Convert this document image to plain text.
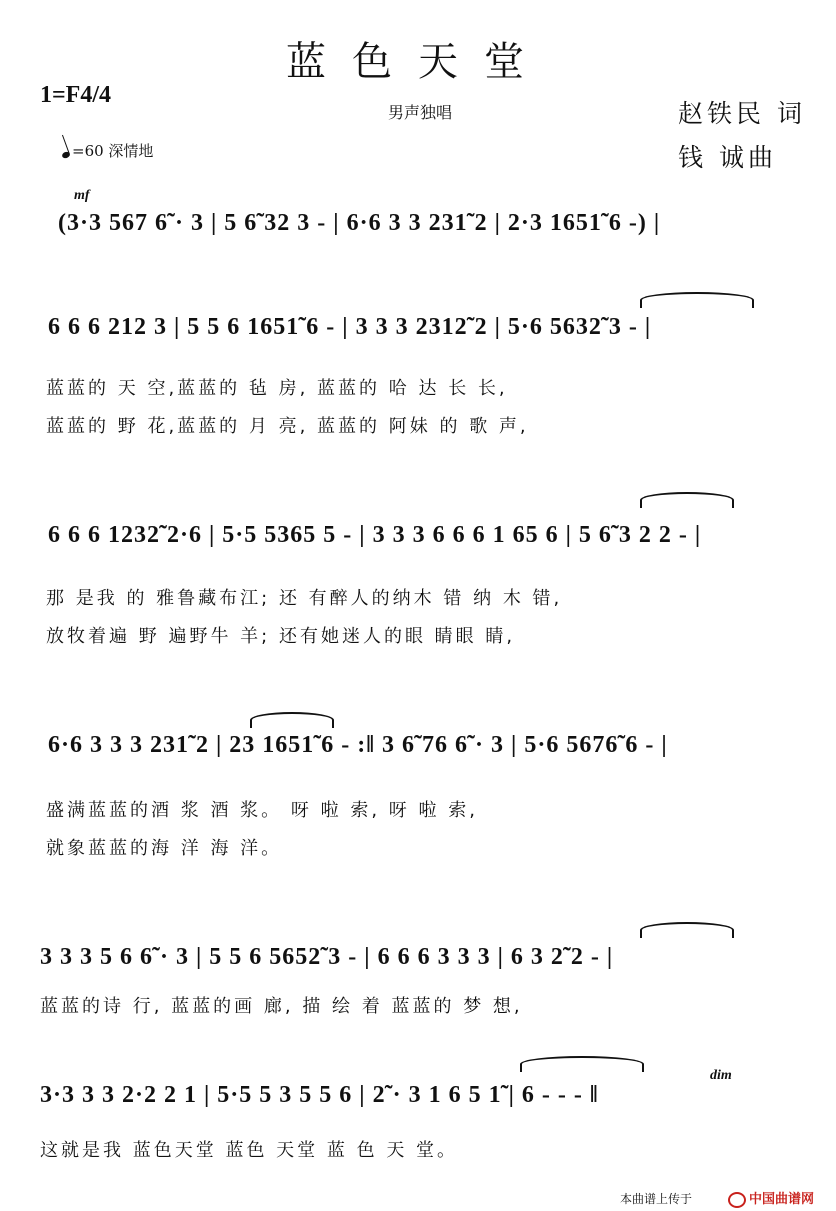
蓝色天堂
1=F4/4
=60 深情地
男声独唱	赵铁民 词
钱 诚曲
mf
(3·3 567 6̃ · 3 | 5 6̃ 32 3 - | 6·6 3 3 231̃ 2 | 2·3 1651̃ 6 -) |
6 6 6 212 3 | 5 5 6 1651̃ 6 - | 3 3 3 2312̃ 2 | 5·6 5632̃ 3 - |
蓝蓝的 天 空,蓝蓝的 毡 房, 蓝蓝的 哈 达 长 长,
蓝蓝的 野 花,蓝蓝的 月 亮, 蓝蓝的 阿妹 的 歌 声,
6 6 6 1232̃ 2·6 | 5·5 5365 5 - | 3 3 3 6 6 6 1 65 6 | 5 6̃ 3 2 2 - |
那 是我 的 雅鲁藏布江; 还 有醉人的纳木 错 纳 木 错,
放牧着遍 野 遍野牛 羊; 还有她迷人的眼 睛眼 睛,
6·6 3 3 3 231̃ 2 | 23 1651̃ 6 - :‖ 3 6̃ 76 6̃ · 3 | 5·6 5676̃ 6 - |
盛满蓝蓝的酒 浆 酒 浆。 呀 啦 索, 呀 啦 索,
就象蓝蓝的海 洋 海 洋。
3 3 3 5 6 6̃ · 3 | 5 5 6 5652̃ 3 - | 6 6 6 3 3 3 | 6 3 2̃ 2 - |
蓝蓝的诗 行, 蓝蓝的画 廊, 描 绘 着 蓝蓝的 梦 想,
dim
3·3 3 3 2·2 2 1 | 5·5 5 3 5 5 6 | 2̃ · 3 1 6 5 1̃ | 6 - - - ‖
这就是我 蓝色天堂 蓝色 天堂 蓝 色 天 堂。
本曲谱上传于	中国曲谱网
